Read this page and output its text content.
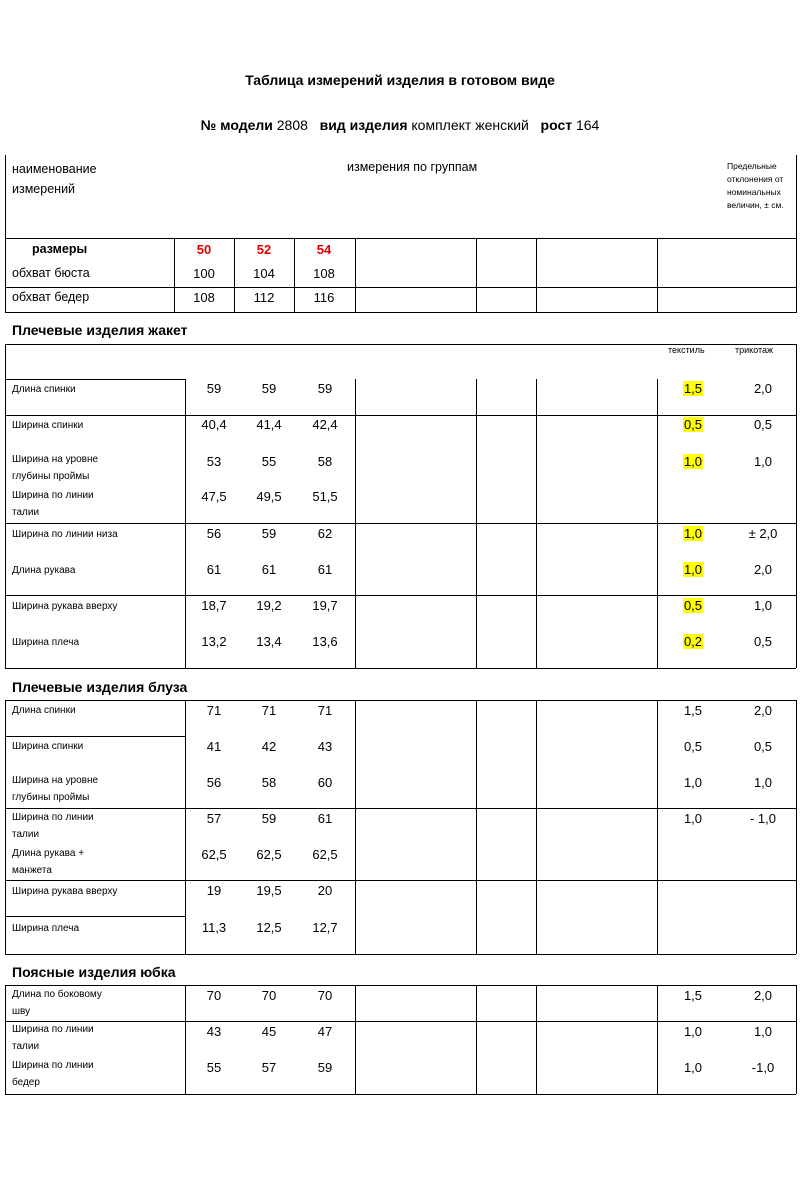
Таблица измерений изделия в готовом виде
№ модели 2808 вид изделия комплект женский рост 164
наименование измерений
измерения по группам	Предельные отклонения от номинальных величин, ± см.
размеры	50	52	54
обхват бюста	100	104	108
обхват бедер	108	112	116
Плечевые изделия жакет
текстиль	трикотаж
Длина спинки	59	59	59	1,5	2,0
Ширина спинки	40,4	41,4	42,4	0,5	0,5
Ширина на уровне глубины проймы
53	55	58	1,0	1,0
Ширина по линии талии
47,5	49,5	51,5
Ширина по линии низа	56	59	62	1,0	± 2,0
Длина рукава	61	61	61	1,0	2,0
Ширина рукава вверху	18,7	19,2	19,7	0,5	1,0
Ширина плеча	13,2	13,4	13,6	0,2	0,5
Плечевые изделия блуза
Длина спинки	71	71	71	1,5	2,0
Ширина спинки	41	42	43	0,5	0,5
Ширина на уровне глубины проймы
56	58	60	1,0	1,0
Ширина по линии талии
57	59	61	1,0	- 1,0
Длина рукава + манжета
62,5	62,5	62,5
Ширина рукава вверху	19	19,5	20
Ширина плеча	11,3	12,5	12,7
Поясные изделия юбка
Длина по боковому шву
70	70	70	1,5	2,0
Ширина по линии талии
43	45	47	1,0	1,0
Ширина по линии бедер
55	57	59	1,0	-1,0
